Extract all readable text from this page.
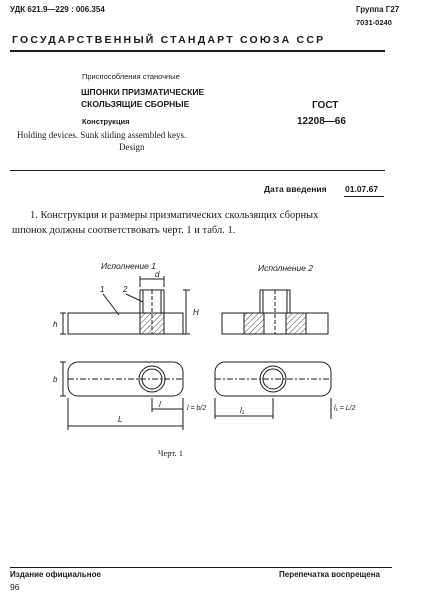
УДК 621.9—229 : 006.354	Группа Г27
7031-0240
ГОСУДАРСТВЕННЫЙ СТАНДАРТ СОЮЗА ССР
Приспособления станочные
ШПОНКИ ПРИЗМАТИЧЕСКИЕ
СКОЛЬЗЯЩИЕ СБОРНЫЕ
Конструкция
Holding devices. Sunk sliding assembled keys.
Design
ГОСТ
12208—66
Дата введения 01.07.67
1. Конструкция и размеры призматических скользящих сборных
шпонок должны соответствовать черт. 1 и табл. 1.
Исполнение 1	Исполнение 2
d
H
h
b
L
l
l₁
1 2
l = b/2	l₁ = L/2
Черт. 1
Издание официальное	Перепечатка воспрещена
96
